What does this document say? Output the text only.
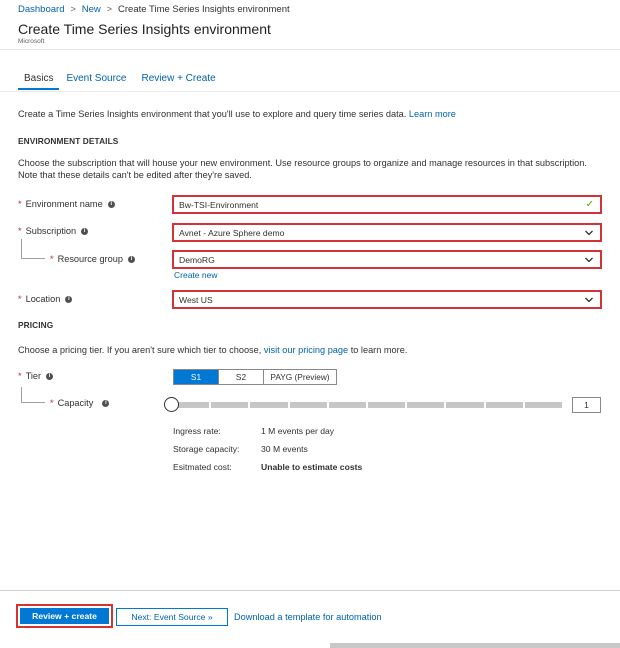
Dashboard > New > Create Time Series Insights environment
Create Time Series Insights environment
Microsoft
Basics	Event Source	Review + Create
Create a Time Series Insights environment that you'll use to explore and query time series data. Learn more
ENVIRONMENT DETAILS
Choose the subscription that will house your new environment. Use resource groups to organize and manage resources in that subscription. Note that these details can't be edited after they're saved.
* Environment name	i	Bw-TSI-Environment	✓
* Subscription	i	Avnet - Azure Sphere demo
* Resource group	i	DemoRG
Create new
* Location	i	West US
PRICING
Choose a pricing tier. If you aren't sure which tier to choose, visit our pricing page to learn more.
* Tier	i	S1	S2	PAYG (Preview)
* Capacity	i	1
Ingress rate:	1 M events per day
Storage capacity:	30 M events
Esitmated cost:	Unable to estimate costs
Review + create	Next: Event Source »	Download a template for automation
